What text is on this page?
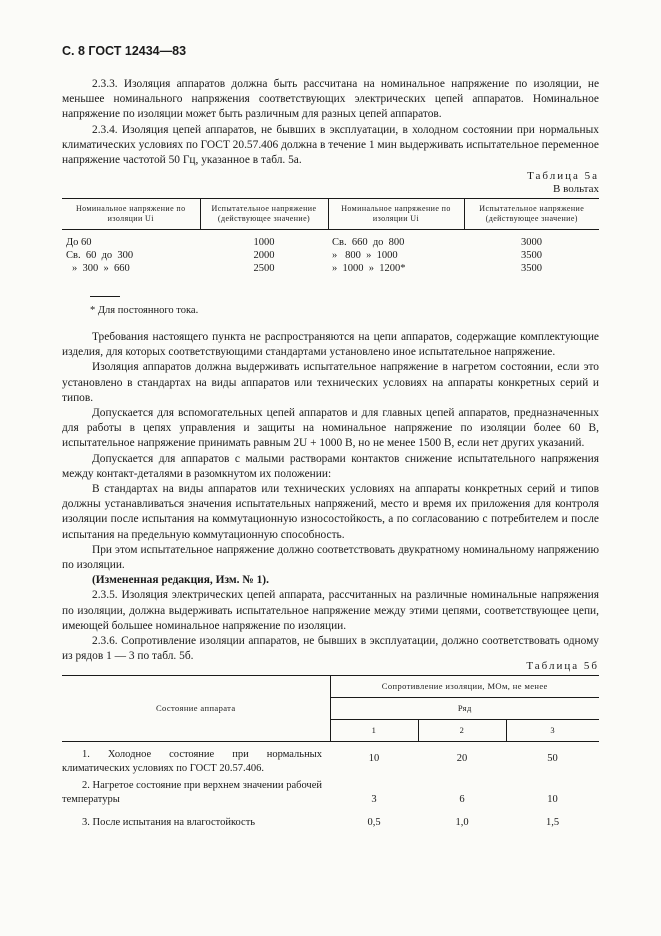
С. 8 ГОСТ 12434—83

2.3.3. Изоляция аппаратов должна быть рассчитана на номинальное напряжение по изоляции, не меньшее номинального напряжения соответствующих электрических цепей аппаратов. Номинальное напряжение по изоляции может быть различным для разных цепей аппаратов.

2.3.4. Изоляция цепей аппаратов, не бывших в эксплуатации, в холодном состоянии при нормальных климатических условиях по ГОСТ 20.57.406 должна в течение 1 мин выдерживать испытательное переменное напряжение частотой 50 Гц, указанное в табл. 5а.

Таблица 5а
В вольтах
Номинальное напряжение по изоляции Ui	Испытательное напряжение (действующее значение)	Номинальное напряжение по изоляции Ui	Испытательное напряжение (действующее значение)
До 60	1000	Св.  660  до  800	3000
Св.  60  до  300	2000	»   800  »  1000	3500
»  300  »  660	2500	»  1000  »  1200*	3500
* Для постоянного тока.

Требования настоящего пункта не распространяются на цепи аппаратов, содержащие комплектующие изделия, для которых соответствующими стандартами установлено иное испытательное напряжение.

Изоляция аппаратов должна выдерживать испытательное напряжение в нагретом состоянии, если это установлено в стандартах на виды аппаратов или технических условиях на аппараты конкретных серий и типов.

Допускается для вспомогательных цепей аппаратов и для главных цепей аппаратов, предназначенных для работы в цепях управления и защиты на номинальное напряжение по изоляции более 60 В, испытательное напряжение принимать равным 2U + 1000 В, но не менее 1500 В, если нет других указаний.

Допускается для аппаратов с малыми растворами контактов снижение испытательного напряжения между контакт-деталями в разомкнутом их положении:

В стандартах на виды аппаратов или технических условиях на аппараты конкретных серий и типов должны устанавливаться значения испытательных напряжений, место и время их приложения для контроля изоляции после испытания на коммутационную износостойкость, а по согласованию с потребителем и после испытания на предельную коммутационную способность.

При этом испытательное напряжение должно соответствовать двукратному номинальному напряжению по изоляции.

(Измененная редакция, Изм. № 1).

2.3.5. Изоляция электрических цепей аппарата, рассчитанных на различные номинальные напряжения по изоляции, должна выдерживать испытательное напряжение между этими цепями, соответствующее цепи, имеющей большее номинальное напряжение по изоляции.

2.3.6. Сопротивление изоляции аппаратов, не бывших в эксплуатации, должно соответствовать одному из рядов 1 — 3 по табл. 5б.

Таблица 5б
Состояние аппарата	Сопротивление изоляции, МОм, не менее		
	Ряд		
	1	2	3
1. Холодное состояние при нормальных климатических условиях по ГОСТ 20.57.406.	10	20	50
2. Нагретое состояние при верхнем значении рабочей температуры	3	6	10
3. После испытания на влагостойкость	0,5	1,0	1,5
